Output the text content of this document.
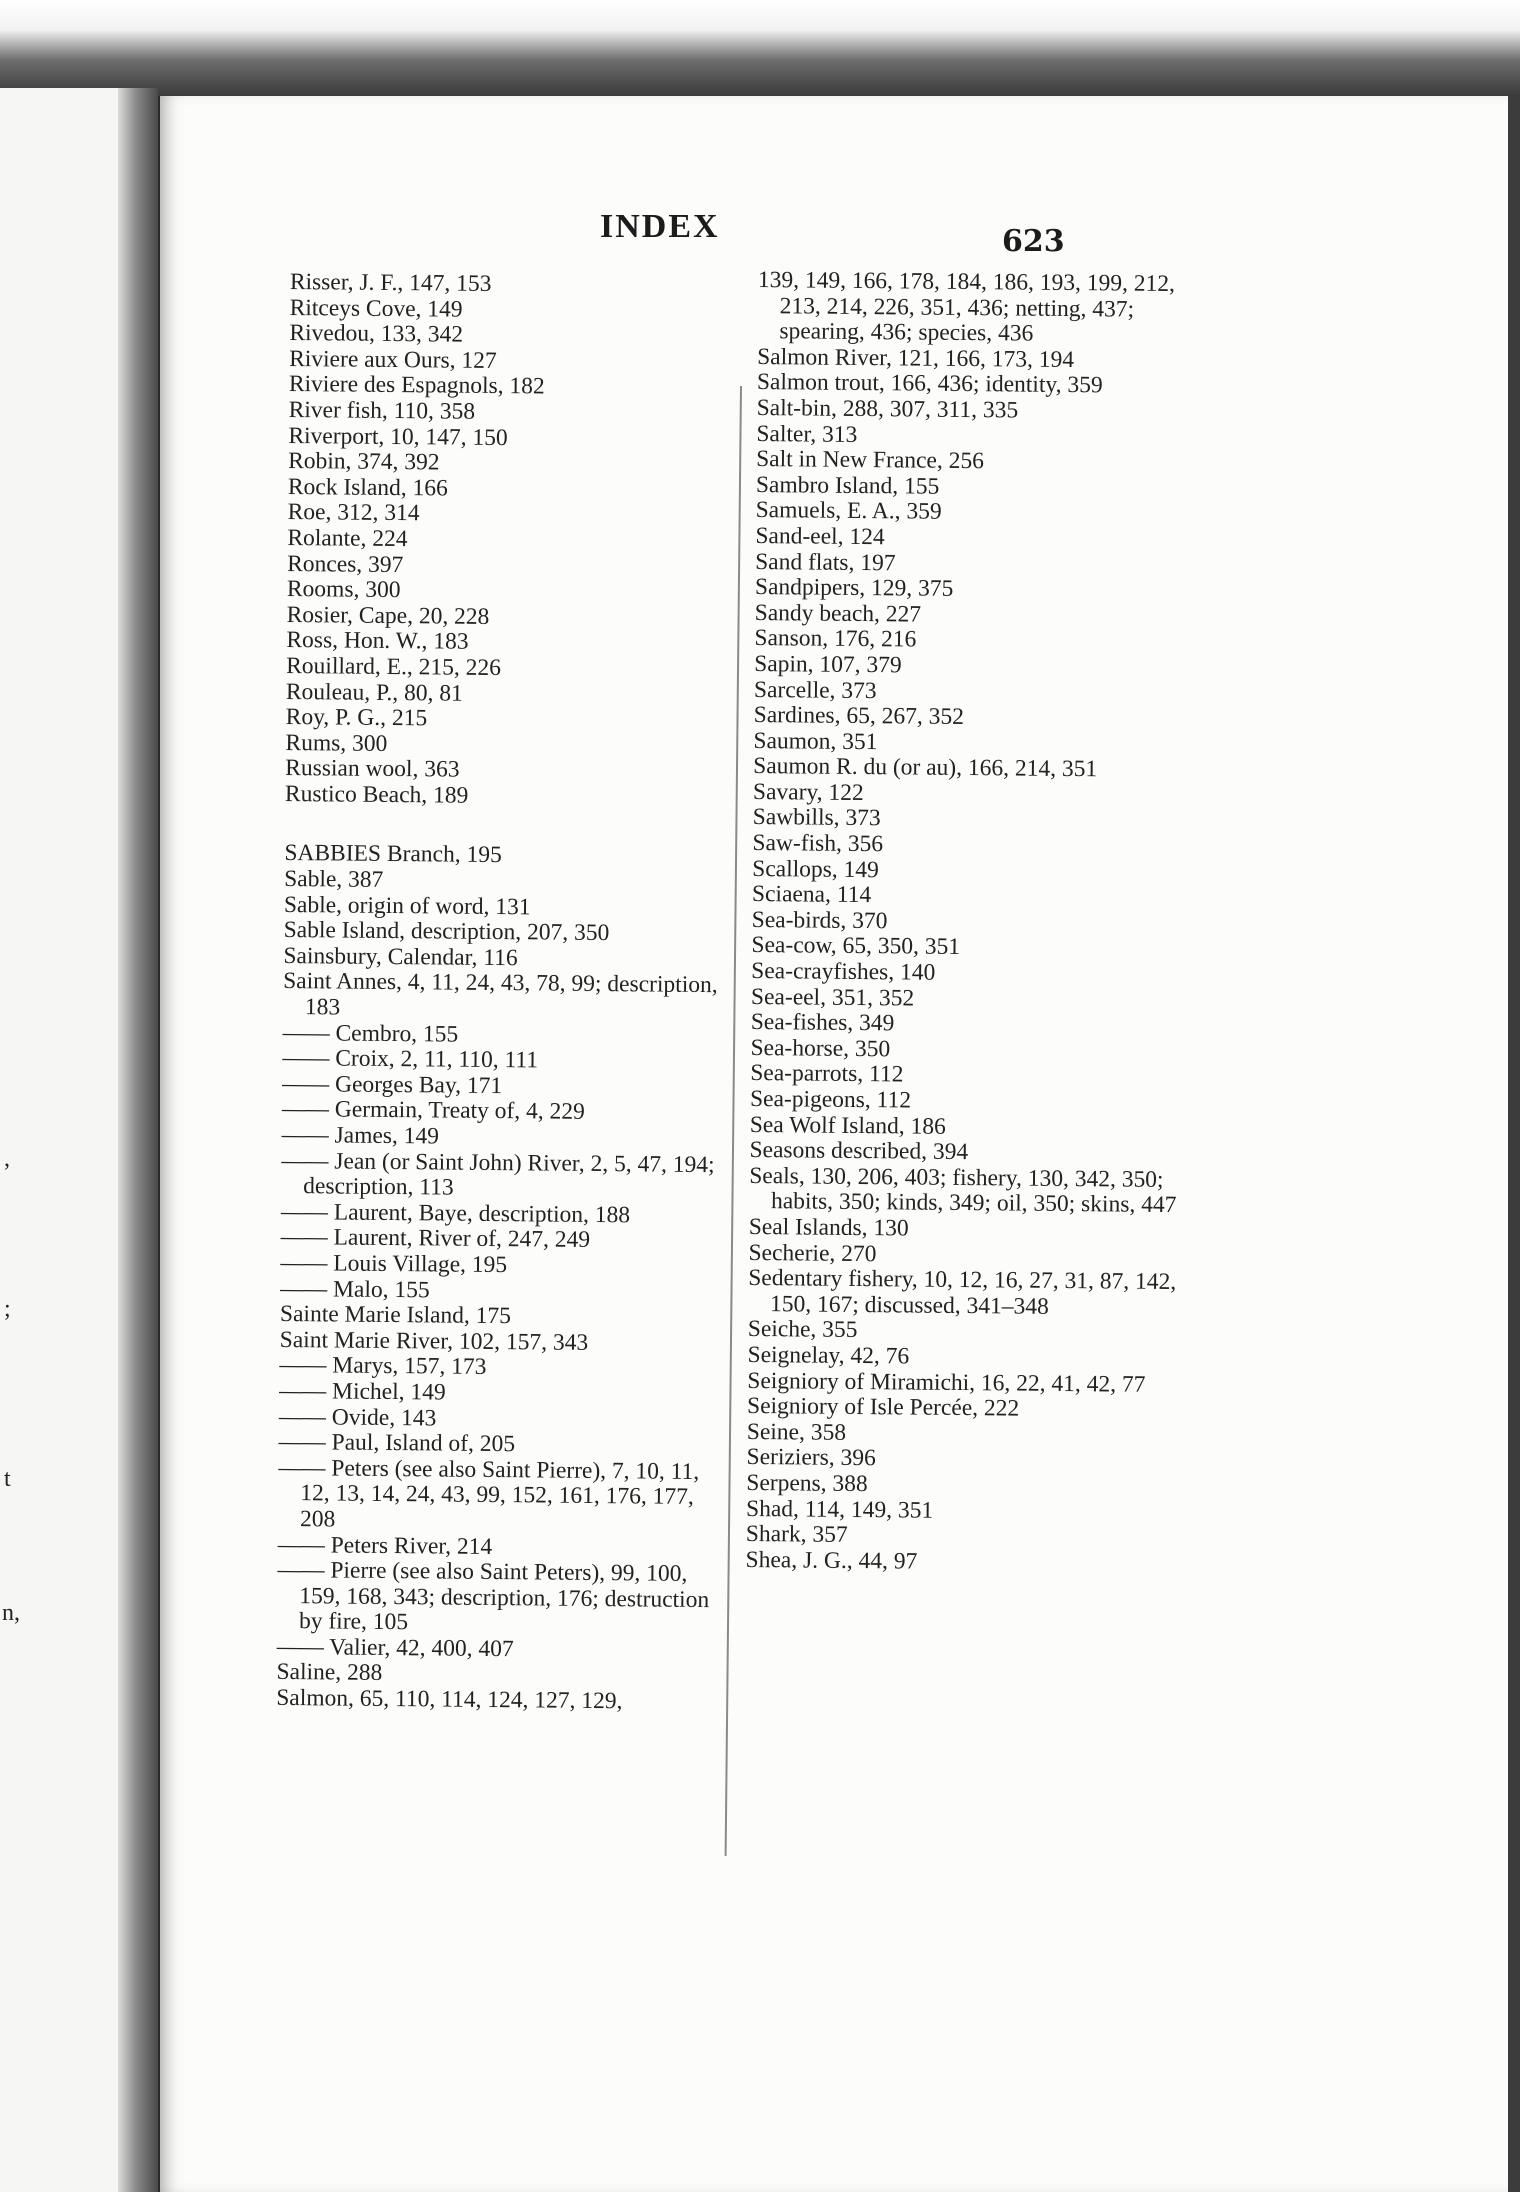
,
;
t
n,
INDEX	623
Risser, J. F., 147, 153
Ritceys Cove, 149
Rivedou, 133, 342
Riviere aux Ours, 127
Riviere des Espagnols, 182
River fish, 110, 358
Riverport, 10, 147, 150
Robin, 374, 392
Rock Island, 166
Roe, 312, 314
Rolante, 224
Ronces, 397
Rooms, 300
Rosier, Cape, 20, 228
Ross, Hon. W., 183
Rouillard, E., 215, 226
Rouleau, P., 80, 81
Roy, P. G., 215
Rums, 300
Russian wool, 363
Rustico Beach, 189
SABBIES Branch, 195
Sable, 387
Sable, origin of word, 131
Sable Island, description, 207, 350
Sainsbury, Calendar, 116
Saint Annes, 4, 11, 24, 43, 78, 99; description, 183
—— Cembro, 155
—— Croix, 2, 11, 110, 111
—— Georges Bay, 171
—— Germain, Treaty of, 4, 229
—— James, 149
—— Jean (or Saint John) River, 2, 5, 47, 194; description, 113
—— Laurent, Baye, description, 188
—— Laurent, River of, 247, 249
—— Louis Village, 195
—— Malo, 155
Sainte Marie Island, 175
Saint Marie River, 102, 157, 343
—— Marys, 157, 173
—— Michel, 149
—— Ovide, 143
—— Paul, Island of, 205
—— Peters (see also Saint Pierre), 7, 10, 11, 12, 13, 14, 24, 43, 99, 152, 161, 176, 177, 208
—— Peters River, 214
—— Pierre (see also Saint Peters), 99, 100, 159, 168, 343; description, 176; destruction by fire, 105
—— Valier, 42, 400, 407
Saline, 288
Salmon, 65, 110, 114, 124, 127, 129,
139, 149, 166, 178, 184, 186, 193, 199, 212, 213, 214, 226, 351, 436; netting, 437; spearing, 436; species, 436
Salmon River, 121, 166, 173, 194
Salmon trout, 166, 436; identity, 359
Salt-bin, 288, 307, 311, 335
Salter, 313
Salt in New France, 256
Sambro Island, 155
Samuels, E. A., 359
Sand-eel, 124
Sand flats, 197
Sandpipers, 129, 375
Sandy beach, 227
Sanson, 176, 216
Sapin, 107, 379
Sarcelle, 373
Sardines, 65, 267, 352
Saumon, 351
Saumon R. du (or au), 166, 214, 351
Savary, 122
Sawbills, 373
Saw-fish, 356
Scallops, 149
Sciaena, 114
Sea-birds, 370
Sea-cow, 65, 350, 351
Sea-crayfishes, 140
Sea-eel, 351, 352
Sea-fishes, 349
Sea-horse, 350
Sea-parrots, 112
Sea-pigeons, 112
Sea Wolf Island, 186
Seasons described, 394
Seals, 130, 206, 403; fishery, 130, 342, 350; habits, 350; kinds, 349; oil, 350; skins, 447
Seal Islands, 130
Secherie, 270
Sedentary fishery, 10, 12, 16, 27, 31, 87, 142, 150, 167; discussed, 341–348
Seiche, 355
Seignelay, 42, 76
Seigniory of Miramichi, 16, 22, 41, 42, 77
Seigniory of Isle Percée, 222
Seine, 358
Seriziers, 396
Serpens, 388
Shad, 114, 149, 351
Shark, 357
Shea, J. G., 44, 97
